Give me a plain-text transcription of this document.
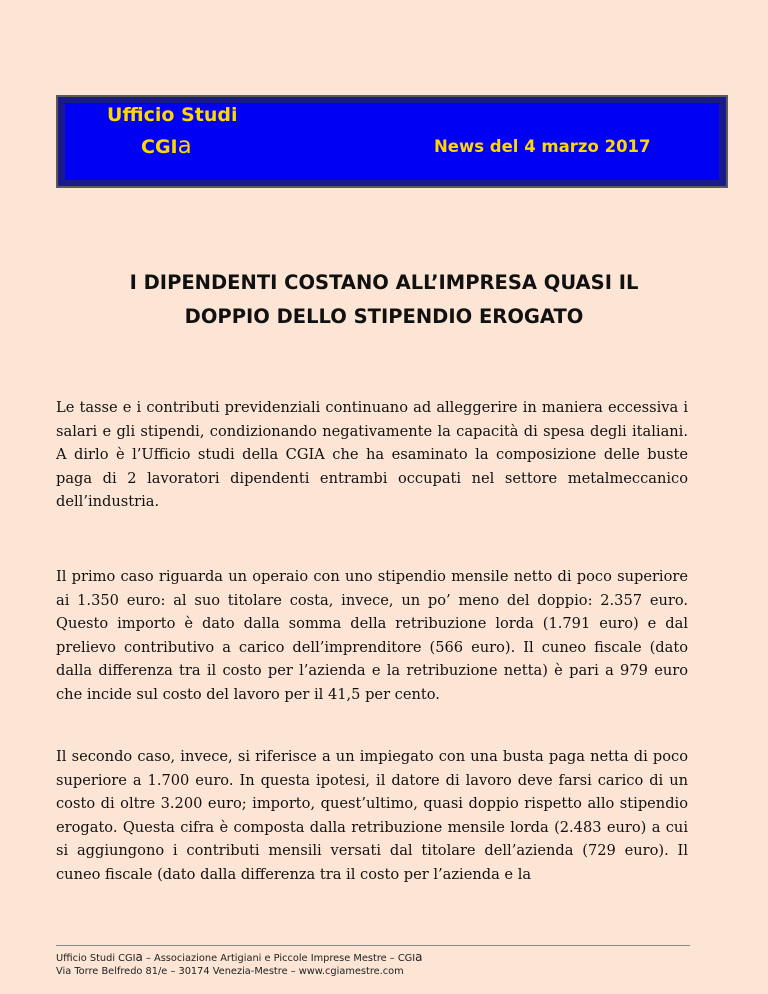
Ufficio Studi
CGIa	News del 4 marzo 2017
I DIPENDENTI COSTANO ALL’IMPRESA QUASI IL
DOPPIO DELLO STIPENDIO EROGATO
Le tasse e i contributi previdenziali continuano ad alleggerire in maniera eccessiva i salari e gli stipendi, condizionando negativamente la capacità di spesa degli italiani. A dirlo è l’Ufficio studi della CGIA che ha esaminato la composizione delle buste paga di 2 lavoratori dipendenti entrambi occupati nel settore metalmeccanico dell’industria.
Il primo caso riguarda un operaio con uno stipendio mensile netto di poco superiore ai 1.350 euro: al suo titolare costa, invece, un po’ meno del doppio: 2.357 euro. Questo importo è dato dalla somma della retribuzione lorda (1.791 euro) e dal prelievo contributivo a carico dell’imprenditore (566 euro). Il cuneo fiscale (dato dalla differenza tra il costo per l’azienda e la retribuzione netta) è pari a 979 euro che incide sul costo del lavoro per il 41,5 per cento.
Il secondo caso, invece, si riferisce a un impiegato con una busta paga netta di poco superiore a 1.700 euro. In questa ipotesi, il datore di lavoro deve farsi carico di un costo di oltre 3.200 euro; importo, quest’ultimo, quasi doppio rispetto allo stipendio erogato. Questa cifra è composta dalla retribuzione mensile lorda (2.483 euro) a cui si aggiungono i contributi mensili versati dal titolare dell’azienda (729 euro). Il cuneo fiscale (dato dalla differenza tra il costo per l’azienda e la
Ufficio Studi CGIa – Associazione Artigiani e Piccole Imprese Mestre – CGIa
Via Torre Belfredo 81/e – 30174 Venezia-Mestre – www.cgiamestre.com
